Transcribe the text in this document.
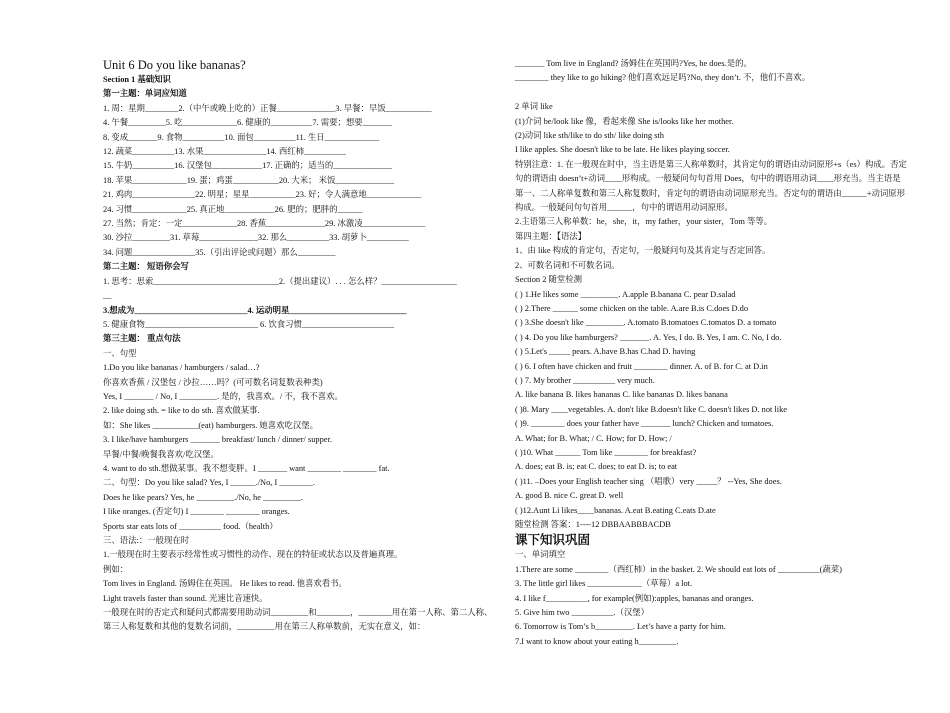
Unit 6 Do you like bananas?
Section 1 基础知识
第一主题：单词应知道
1. 周：星期________2.（中午或晚上吃的）正餐______________3. 早餐：早饭___________
4. 午餐_________5. 吃_____________6. 健康的__________7. 需要；想要_______
8. 变成_______9. 食物__________10. 面包__________11. 生日_____________
12. 蔬菜__________13. 水果_______________14. 西红柿__________
15. 牛奶__________16. 汉堡包____________17. 正确的；适当的______________
18. 苹果_____________19. 蛋；鸡蛋___________20. 大米； 米饭______________
21. 鸡肉_______________22. 明星；星星___________23. 好；令人满意地_____________
24. 习惯_____________25. 真正地____________26. 肥的；肥胖的______
27. 当然；肯定：一定_____________28. 香蕉______________29. 冰激凌_______________
30. 沙拉_________31. 草莓______________32. 那么__________33. 胡萝卜__________
34. 问题_______________35.（引出评论或问题）那么_________
第二主题： 短语你会写
1. 思考：思索______________________________2.（提出建议）. . . 怎么样？__________________
__
3.想成为___________________________4. 运动明星____________________________
5. 健康食物___________________________ 6. 饮食习惯______________________
第三主题： 重点句法
一、句型
1.Do you like bananas / hamburgers / salad…?
你喜欢香蕉 / 汉堡包 / 沙拉……吗？(可可数名词复数表种类)
Yes, I _______ / No, I _________. 是的，我喜欢。/ 不，我不喜欢。
2. like doing sth. = like to do sth. 喜欢做某事.
如：She likes ___________(eat) hamburgers. 她喜欢吃汉堡。
3. I like/have hamburgers _______ breakfast/ lunch / dinner/ supper.
早餐/中餐/晚餐我喜欢/吃汉堡。
4. want to do sth.想做某事。我不想变胖。I _______ want ________ ________ fat.
二、句型：Do you like salad? Yes, I ______./No, I ________.
Does he like pears? Yes, he _________./No, he _________.
I like oranges. (否定句) I ________ ________ oranges.
Sports star eats lots of __________ food.（health）
三、语法:：一般现在时
1.一般现在时主要表示经常性或习惯性的动作、现在的特征或状态以及普遍真理。
例如：
Tom lives in England. 汤姆住在英国。 He likes to read. 他喜欢看书。
Light travels faster than sound. 光速比音速快。
一般现在时的否定式和疑问式都需要用助动词_________和________，________用在第一人称、第二人称、第三人称复数和其他的复数名词前，_________用在第三人称单数前，无实在意义，如：
_______ Tom live in England? 汤姆住在英国吗?Yes, he does.是的。
________ they like to go hiking? 他们喜欢远足吗?No, they don’t. 不，他们不喜欢。

2 单词 like
(1)介词 be/look like 像，看起来像 She is/looks like her mother.
(2)动词 like sth/like to do sth/ like doing sth
I like apples. She doesn't like to be late. He likes playing soccer.
特别注意：1. 在一般现在时中，当主语是第三人称单数时，其肯定句的谓语由动词原形+s（es）构成。否定句的谓语由 doesn’t+动词____形构成。一般疑问句句首用 Does，句中的谓语用动词____形充当。当主语是第一、二人称单复数和第三人称复数时，肯定句的谓语由动词原形充当。否定句的谓语由______+动词原形构成。一般疑问句句首用______，句中的谓语用动词原形。
2.主语第三人称单数：he，she，it，my father，your sister，Tom 等等。
第四主题：【语法】
1、由 like 构成的肯定句，否定句，一般疑问句及其肯定与否定回答。
2、可数名词和不可数名词。
Section 2 随堂检测
( ) 1.He likes some _________. A.apple B.banana C. pear D.salad
( ) 2.There ______ some chicken on the table. A.are B.is C.does D.do
( ) 3.She doesn't like _________. A.tomato B.tomatoes C.tomatos D. a tomato
( ) 4. Do you like hamburgers? _______. A. Yes, I do. B. Yes, I am. C. No, I do.
( ) 5.Let's _____ pears. A.have B.has C.had D. having
( ) 6. I often have chicken and fruit ________ dinner. A. of B. for C. at D.in
( ) 7. My brother __________ very much.
A. like banana B. likes bananas C. like bananas D. likes banana
( )8. Mary ____vegetables. A. don't like B.doesn't like C. doesn't likes D. not like
( )9. ________ does your father have _______ lunch? Chicken and tomatoes.
A. What; for B. What; / C. How; for D. How; /
( )10. What ______ Tom like ________ for breakfast?
A. does; eat B. is; eat C. does; to eat D. is; to eat
( )11. –Does your English teacher sing （唱歌）very _____？ --Yes, She does.
A. good B. nice C. great D. well
( )12.Aunt Li likes____bananas. A.eat B.eating C.eats D.ate
随堂检测 答案：1----12 DBBAABBBACDB
课下知识巩固
一、单词填空
1.There are some ________（西红柿）in the basket. 2. We should eat lots of __________(蔬菜)
3. The little girl likes _____________（草莓）a lot.
4. I like f__________, for example(例如):apples, bananas and oranges.
5. Give him two __________.（汉堡）
6. Tomorrow is Tom’s b_________. Let’s have a party for him.
7.I want to know about your eating h_________.
